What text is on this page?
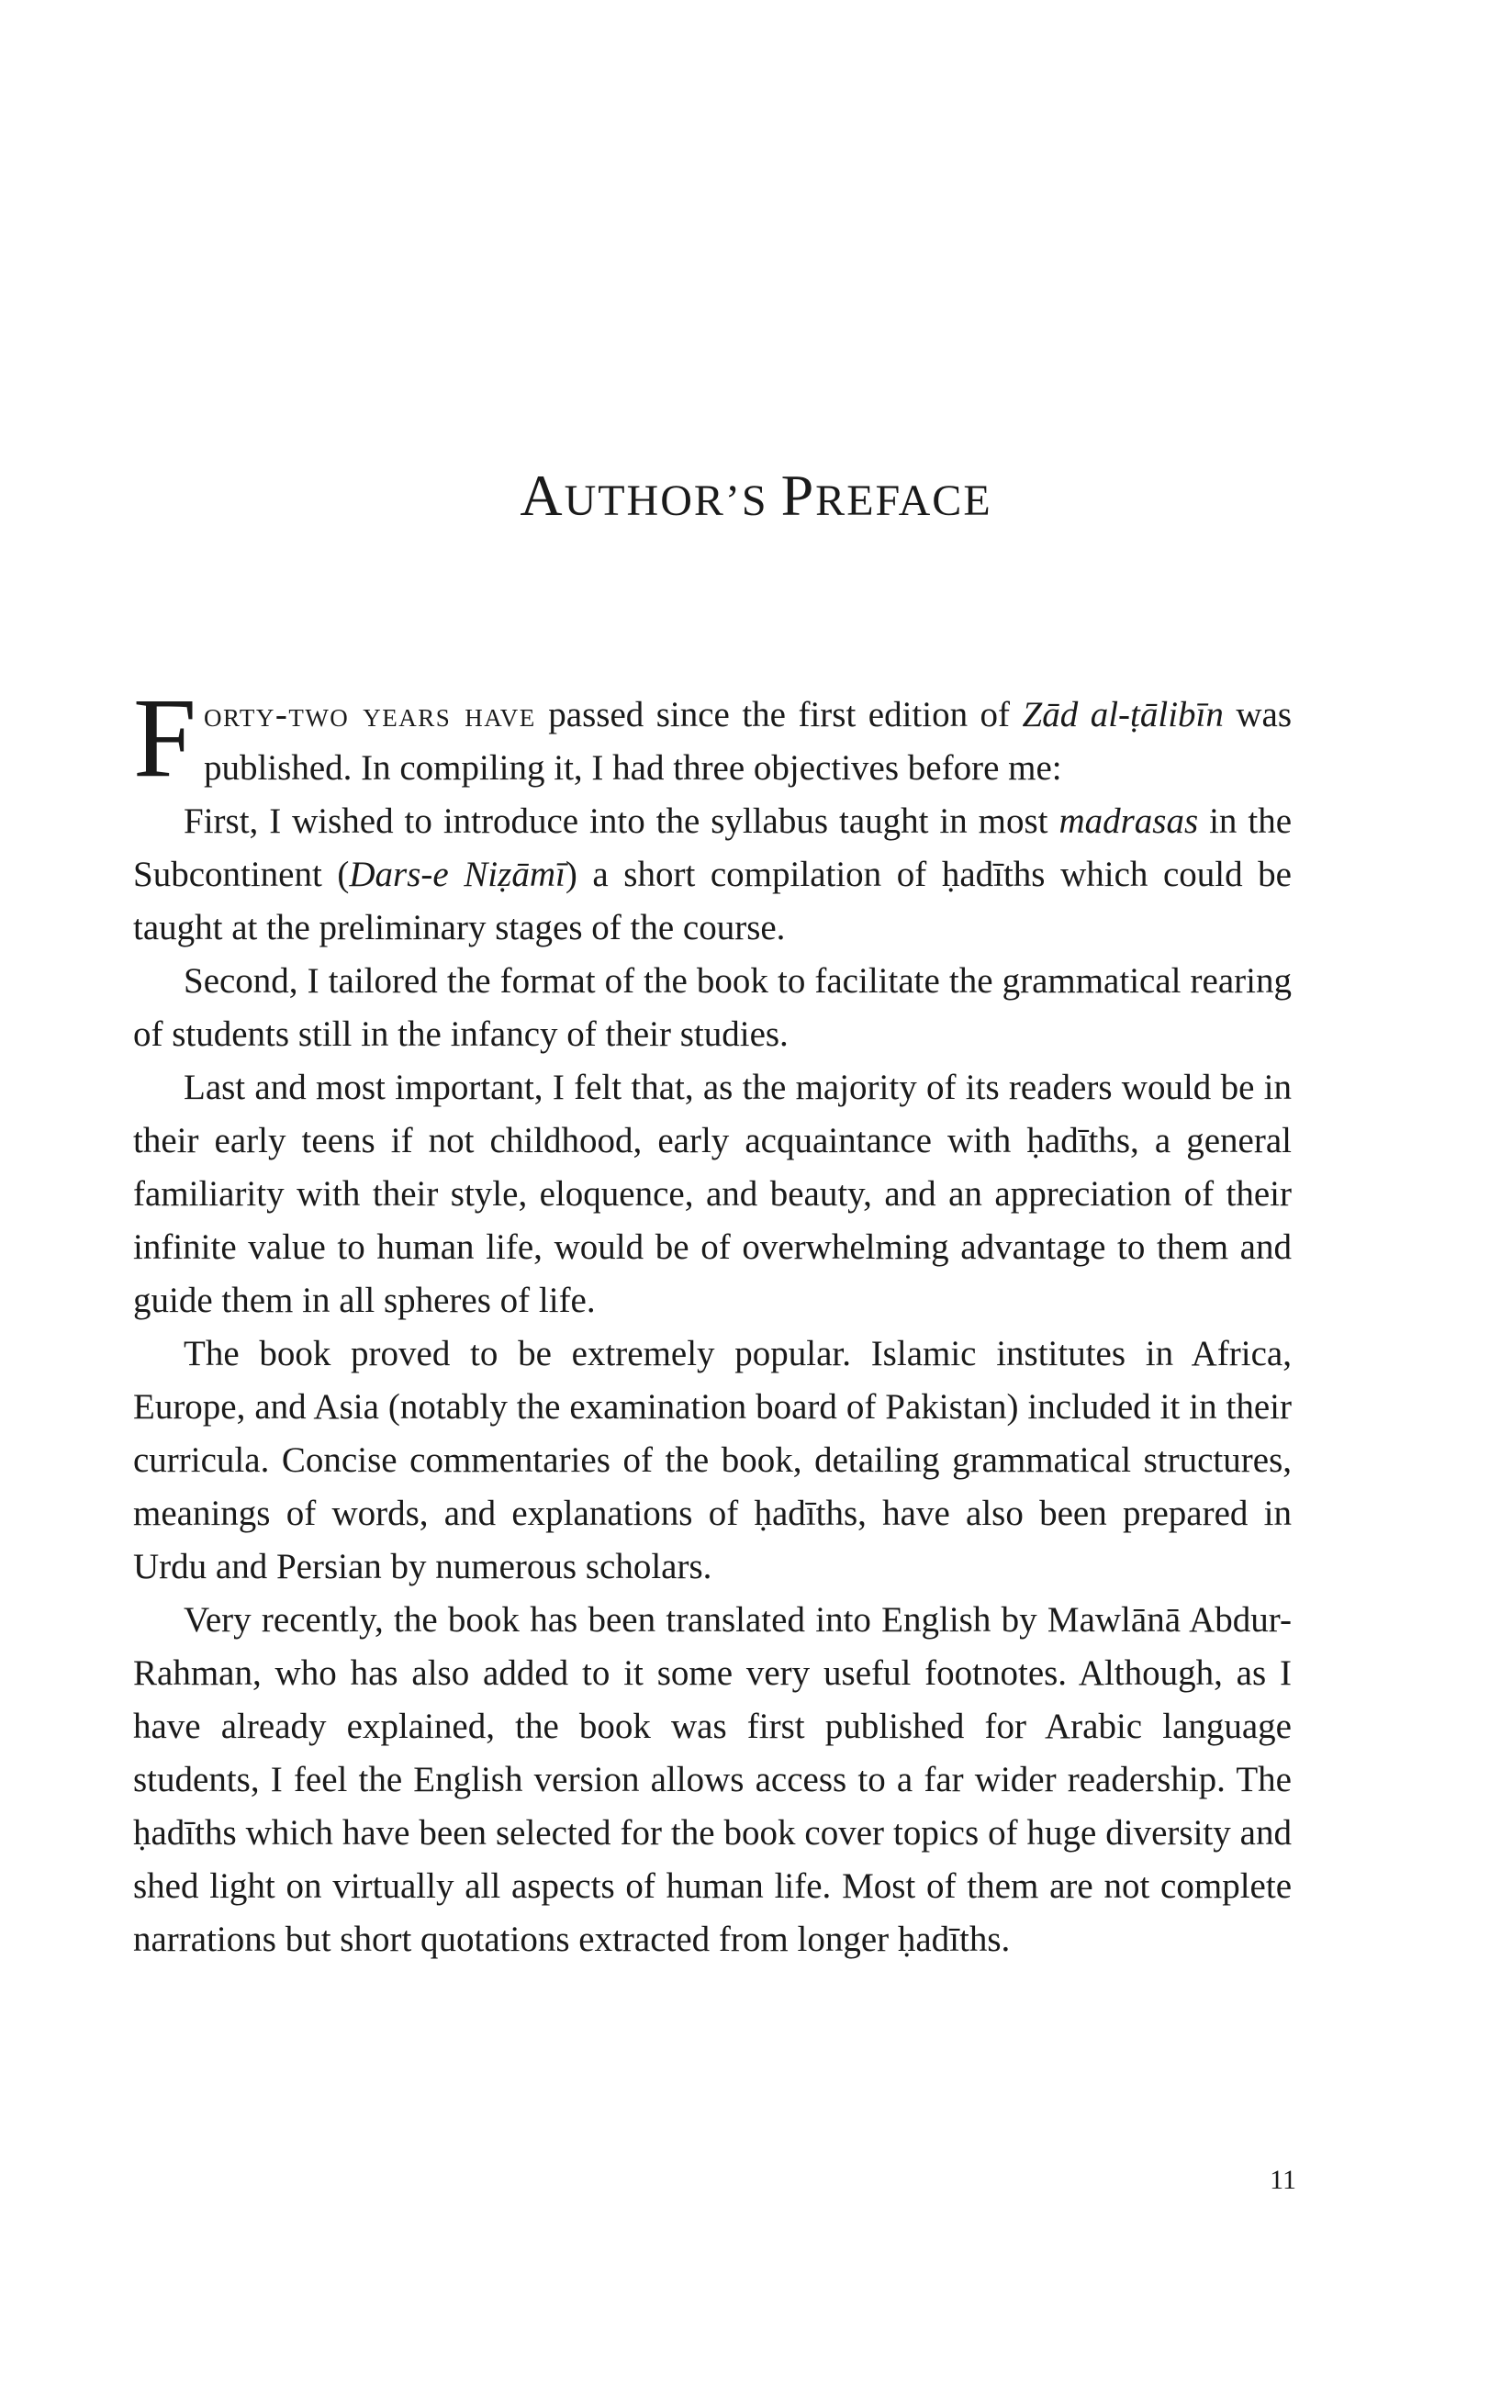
AUTHOR’S PREFACE

Forty-two years have passed since the first edition of Zād al-ṭālibīn was published. In compiling it, I had three objectives before me:

First, I wished to introduce into the syllabus taught in most madrasas in the Subcontinent (Dars-e Niẓāmī) a short compilation of ḥadīths which could be taught at the preliminary stages of the course.

Second, I tailored the format of the book to facilitate the grammatical rearing of students still in the infancy of their studies.

Last and most important, I felt that, as the majority of its readers would be in their early teens if not childhood, early acquaintance with ḥadīths, a general familiarity with their style, eloquence, and beauty, and an appreciation of their infinite value to human life, would be of overwhelming advantage to them and guide them in all spheres of life.

The book proved to be extremely popular. Islamic institutes in Africa, Europe, and Asia (notably the examination board of Pakistan) included it in their curricula. Concise commentaries of the book, detailing grammatical structures, meanings of words, and explanations of ḥadīths, have also been prepared in Urdu and Persian by numerous scholars.

Very recently, the book has been translated into English by Mawlānā Abdur-Rahman, who has also added to it some very useful footnotes. Although, as I have already explained, the book was first published for Arabic language students, I feel the English version allows access to a far wider readership. The ḥadīths which have been selected for the book cover topics of huge diversity and shed light on virtually all aspects of human life. Most of them are not complete narrations but short quotations extracted from longer ḥadīths.

11
